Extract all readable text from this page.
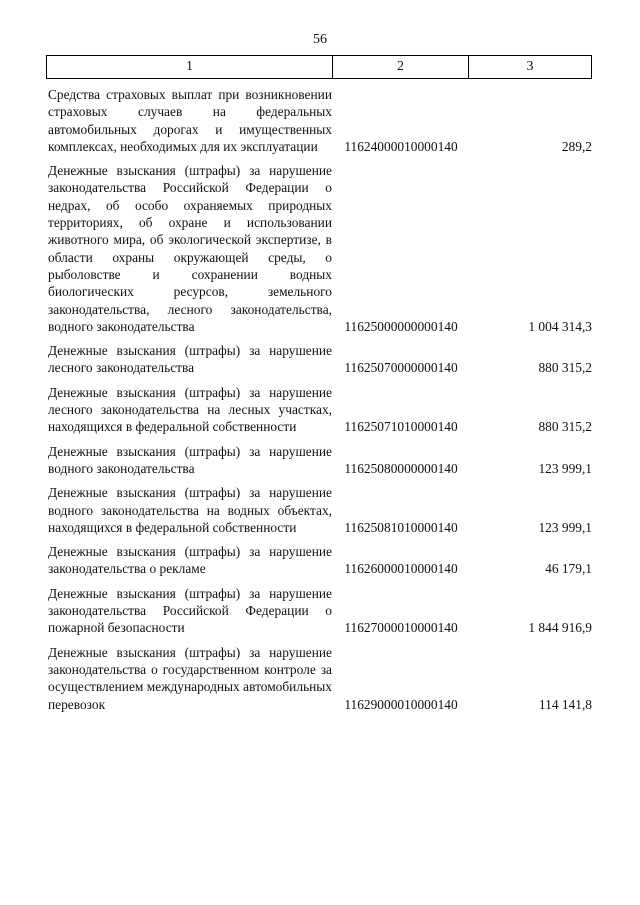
56
1	2	3
Средства страховых выплат при возникновении страховых случаев на федеральных автомобильных дорогах и имущественных комплексах, необходимых для их эксплуатации	11624000010000140	289,2
Денежные взыскания (штрафы) за нарушение законодательства Российской Федерации о недрах, об особо охраняемых природных территориях, об охране и использовании животного мира, об экологической экспертизе, в области охраны окружающей среды, о рыболовстве и сохранении водных биологических ресурсов, земельного законодательства, лесного законодательства, водного законодательства	11625000000000140	1 004 314,3
Денежные взыскания (штрафы) за нарушение лесного законодательства	11625070000000140	880 315,2
Денежные взыскания (штрафы) за нарушение лесного законодательства на лесных участках, находящихся в федеральной собственности	11625071010000140	880 315,2
Денежные взыскания (штрафы) за нарушение водного законодательства	11625080000000140	123 999,1
Денежные взыскания (штрафы) за нарушение водного законодательства на водных объектах, находящихся в федеральной собственности	11625081010000140	123 999,1
Денежные взыскания (штрафы) за нарушение законодательства о рекламе	11626000010000140	46 179,1
Денежные взыскания (штрафы) за нарушение законодательства Российской Федерации о пожарной безопасности	11627000010000140	1 844 916,9
Денежные взыскания (штрафы) за нарушение законодательства о государственном контроле за осуществлением международных автомобильных перевозок	11629000010000140	114 141,8
